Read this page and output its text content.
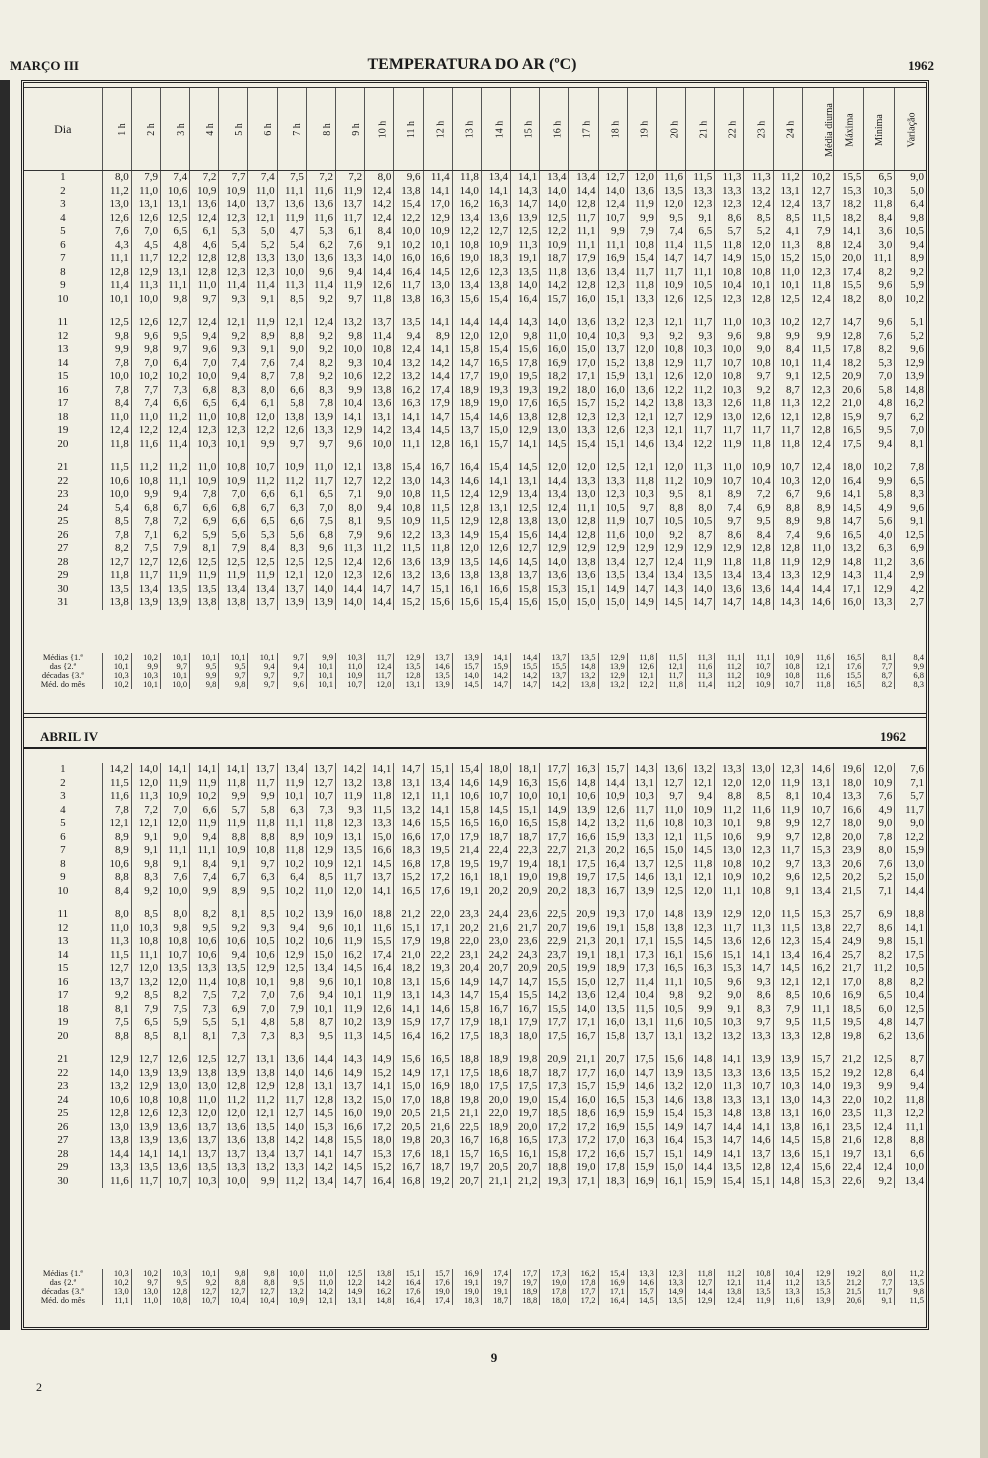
MARÇO III	TEMPERATURA DO AR (ºC)	1962
Dia	1 h	2 h	3 h	4 h	5 h	6 h	7 h	8 h	9 h	10 h	11 h	12 h	13 h	14 h	15 h	16 h	17 h	18 h	19 h	20 h	21 h	22 h	23 h	24 h	Média diurna	Máxima	Mínima	Variação
1	8,0	7,9	7,4	7,2	7,7	7,4	7,5	7,2	7,2	8,0	9,6	11,4	11,8	13,4	14,1	13,4	13,4	12,7	12,0	11,6	11,5	11,3	11,3	11,2	10,2	15,5	6,5	9,0
2	11,2	11,0	10,6	10,9	10,9	11,0	11,1	11,6	11,9	12,4	13,8	14,1	14,0	14,1	14,3	14,0	14,4	14,0	13,6	13,5	13,3	13,3	13,2	13,1	12,7	15,3	10,3	5,0
3	13,0	13,1	13,1	13,6	14,0	13,7	13,6	13,6	13,7	14,2	15,4	17,0	16,2	16,3	14,7	14,0	12,8	12,4	11,9	12,0	12,3	12,3	12,4	12,4	13,7	18,2	11,8	6,4
4	12,6	12,6	12,5	12,4	12,3	12,1	11,9	11,6	11,7	12,4	12,2	12,9	13,4	13,6	13,9	12,5	11,7	10,7	9,9	9,5	9,1	8,6	8,5	8,5	11,5	18,2	8,4	9,8
5	7,6	7,0	6,5	6,1	5,3	5,0	4,7	5,3	6,1	8,4	10,0	10,9	12,2	12,7	12,5	12,2	11,1	9,9	7,9	7,4	6,5	5,7	5,2	4,1	7,9	14,1	3,6	10,5
6	4,3	4,5	4,8	4,6	5,4	5,2	5,4	6,2	7,6	9,1	10,2	10,1	10,8	10,9	11,3	10,9	11,1	11,1	10,8	11,4	11,5	11,8	12,0	11,3	8,8	12,4	3,0	9,4
7	11,1	11,7	12,2	12,8	12,8	13,3	13,0	13,6	13,3	14,0	16,0	16,6	19,0	18,3	19,1	18,7	17,9	16,9	15,4	14,7	14,7	14,9	15,0	15,2	15,0	20,0	11,1	8,9
8	12,8	12,9	13,1	12,8	12,3	12,3	10,0	9,6	9,4	14,4	16,4	14,5	12,6	12,3	13,5	11,8	13,6	13,4	11,7	11,7	11,1	10,8	10,8	11,0	12,3	17,4	8,2	9,2
9	11,4	11,3	11,1	11,0	11,4	11,4	11,3	11,4	11,9	12,6	11,7	13,0	13,4	13,8	14,0	14,2	12,8	12,3	11,8	10,9	10,5	10,4	10,1	10,1	11,8	15,5	9,6	5,9
10	10,1	10,0	9,8	9,7	9,3	9,1	8,5	9,2	9,7	11,8	13,8	16,3	15,6	15,4	16,4	15,7	16,0	15,1	13,3	12,6	12,5	12,3	12,8	12,5	12,4	18,2	8,0	10,2

11	12,5	12,6	12,7	12,4	12,1	11,9	12,1	12,4	13,2	13,7	13,5	14,1	14,4	14,4	14,3	14,0	13,6	13,2	12,3	12,1	11,7	11,0	10,3	10,2	12,7	14,7	9,6	5,1
12	9,8	9,6	9,5	9,4	9,2	8,9	8,8	9,2	9,8	11,4	9,4	8,9	12,0	12,0	9,8	11,0	10,4	10,3	9,3	9,2	9,3	9,6	9,8	9,9	9,9	12,8	7,6	5,2
13	9,9	9,8	9,7	9,6	9,3	9,1	9,0	9,2	10,0	10,8	12,4	14,1	15,8	15,4	15,6	16,0	15,0	13,7	12,0	10,8	10,3	10,0	9,0	8,4	11,5	17,8	8,2	9,6
14	7,8	7,0	6,4	7,0	7,4	7,6	7,4	8,2	9,3	10,4	13,2	14,2	14,7	16,5	17,8	16,9	17,0	15,2	13,8	12,9	11,7	10,7	10,8	10,1	11,4	18,2	5,3	12,9
15	10,0	10,2	10,2	10,0	9,4	8,7	7,8	9,2	10,6	12,2	13,2	14,4	17,7	19,0	19,5	18,2	17,1	15,9	13,1	12,6	12,0	10,8	9,7	9,1	12,5	20,9	7,0	13,9
16	7,8	7,7	7,3	6,8	8,3	8,0	6,6	8,3	9,9	13,8	16,2	17,4	18,9	19,3	19,3	19,2	18,0	16,0	13,6	12,2	11,2	10,3	9,2	8,7	12,3	20,6	5,8	14,8
17	8,4	7,4	6,6	6,5	6,4	6,1	5,8	7,8	10,4	13,6	16,3	17,9	18,9	19,0	17,6	16,5	15,7	15,2	14,2	13,8	13,3	12,6	11,8	11,3	12,2	21,0	4,8	16,2
18	11,0	11,0	11,2	11,0	10,8	12,0	13,8	13,9	14,1	13,1	14,1	14,7	15,4	14,6	13,8	12,8	12,3	12,3	12,1	12,7	12,9	13,0	12,6	12,1	12,8	15,9	9,7	6,2
19	12,4	12,2	12,4	12,3	12,3	12,2	12,6	13,3	12,9	14,2	13,4	14,5	13,7	15,0	12,9	13,0	13,3	12,6	12,3	12,1	11,7	11,7	11,7	11,7	12,8	16,5	9,5	7,0
20	11,8	11,6	11,4	10,3	10,1	9,9	9,7	9,7	9,6	10,0	11,1	12,8	16,1	15,7	14,1	14,5	15,4	15,1	14,6	13,4	12,2	11,9	11,8	11,8	12,4	17,5	9,4	8,1

21	11,5	11,2	11,2	11,0	10,8	10,7	10,9	11,0	12,1	13,8	15,4	16,7	16,4	15,4	14,5	12,0	12,0	12,5	12,1	12,0	11,3	11,0	10,9	10,7	12,4	18,0	10,2	7,8
22	10,6	10,8	11,1	10,9	10,9	11,2	11,2	11,7	12,7	12,2	13,0	14,3	14,6	14,1	13,1	14,4	13,3	13,3	11,8	11,2	10,9	10,7	10,4	10,3	12,0	16,4	9,9	6,5
23	10,0	9,9	9,4	7,8	7,0	6,6	6,1	6,5	7,1	9,0	10,8	11,5	12,4	12,9	13,4	13,4	13,0	12,3	10,3	9,5	8,1	8,9	7,2	6,7	9,6	14,1	5,8	8,3
24	5,4	6,8	6,7	6,6	6,8	6,7	6,3	7,0	8,0	9,4	10,8	11,5	12,8	13,1	12,5	12,4	11,1	10,5	9,7	8,8	8,0	7,4	6,9	8,8	8,9	14,5	4,9	9,6
25	8,5	7,8	7,2	6,9	6,6	6,5	6,6	7,5	8,1	9,5	10,9	11,5	12,9	12,8	13,8	13,0	12,8	11,9	10,7	10,5	10,5	9,7	9,5	8,9	9,8	14,7	5,6	9,1
26	7,8	7,1	6,2	5,9	5,6	5,3	5,6	6,8	7,9	9,6	12,2	13,3	14,9	15,4	15,6	14,4	12,8	11,6	10,0	9,2	8,7	8,6	8,4	7,4	9,6	16,5	4,0	12,5
27	8,2	7,5	7,9	8,1	7,9	8,4	8,3	9,6	11,3	11,2	11,5	11,8	12,0	12,6	12,7	12,9	12,9	12,9	12,9	12,9	12,9	12,9	12,8	12,8	11,0	13,2	6,3	6,9
28	12,7	12,7	12,6	12,5	12,5	12,5	12,5	12,5	12,4	12,6	13,6	13,9	13,5	14,6	14,5	14,0	13,8	13,4	12,7	12,4	11,9	11,8	11,8	11,9	12,9	14,8	11,2	3,6
29	11,8	11,7	11,9	11,9	11,9	11,9	12,1	12,0	12,3	12,6	13,2	13,6	13,8	13,8	13,7	13,6	13,6	13,5	13,4	13,4	13,5	13,4	13,4	13,3	12,9	14,3	11,4	2,9
30	13,5	13,4	13,5	13,5	13,4	13,4	13,7	14,0	14,4	14,7	14,7	15,1	16,1	16,6	15,8	15,3	15,1	14,9	14,7	14,3	14,0	13,6	13,6	14,4	14,4	17,1	12,9	4,2
31	13,8	13,9	13,9	13,8	13,8	13,7	13,9	13,9	14,0	14,4	15,2	15,6	15,6	15,4	15,6	15,0	15,0	15,0	14,9	14,5	14,7	14,7	14,8	14,3	14,6	16,0	13,3	2,7
Médias {1.ª	10,2	10,2	10,1	10,1	10,1	10,1	9,7	9,9	10,3	11,7	12,9	13,7	13,9	14,1	14,4	13,7	13,5	12,9	11,8	11,5	11,3	11,1	11,1	10,9	11,6	16,5	8,1	8,4
das {2.ª	10,1	9,9	9,7	9,5	9,5	9,4	9,4	10,1	11,0	12,4	13,5	14,6	15,7	15,9	15,5	15,5	14,8	13,9	12,6	12,1	11,6	11,2	10,7	10,8	12,1	17,6	7,7	9,9
décadas {3.ª	10,3	10,3	10,1	9,9	9,7	9,7	9,7	10,1	10,9	11,7	12,8	13,5	14,0	14,2	14,2	13,7	13,2	12,9	12,1	11,7	11,3	11,2	10,9	10,8	11,6	15,5	8,7	6,8
Méd. do mês	10,2	10,1	10,0	9,8	9,8	9,7	9,6	10,1	10,7	12,0	13,1	13,9	14,5	14,7	14,7	14,2	13,8	13,2	12,2	11,8	11,4	11,2	10,9	10,7	11,8	16,5	8,2	8,3
ABRIL IV	1962
1	14,2	14,0	14,1	14,1	14,1	13,7	13,4	13,7	14,2	14,1	14,7	15,1	15,4	18,0	18,1	17,7	16,3	15,7	14,3	13,6	13,2	13,3	13,0	12,3	14,6	19,6	12,0	7,6
2	11,5	12,0	11,9	11,9	11,8	11,7	11,9	12,7	13,2	13,8	13,1	13,4	14,6	14,9	16,3	15,6	14,8	14,4	13,1	12,7	12,1	12,0	12,0	11,9	13,1	18,0	10,9	7,1
3	11,6	11,3	10,9	10,2	9,9	9,9	10,1	10,7	11,9	11,8	12,1	11,1	10,6	10,7	10,0	10,1	10,6	10,9	10,3	9,7	9,4	8,8	8,5	8,1	10,4	13,3	7,6	5,7
4	7,8	7,2	7,0	6,6	5,7	5,8	6,3	7,3	9,3	11,5	13,2	14,1	15,8	14,5	15,1	14,9	13,9	12,6	11,7	11,0	10,9	11,2	11,6	11,9	10,7	16,6	4,9	11,7
5	12,1	12,1	12,0	11,9	11,9	11,8	11,1	11,8	12,3	13,3	14,6	15,5	16,5	16,0	16,5	15,8	14,2	13,2	11,6	10,8	10,3	10,1	9,8	9,9	12,7	18,0	9,0	9,0
6	8,9	9,1	9,0	9,4	8,8	8,8	8,9	10,9	13,1	15,0	16,6	17,0	17,9	18,7	18,7	17,7	16,6	15,9	13,3	12,1	11,5	10,6	9,9	9,7	12,8	20,0	7,8	12,2
7	8,9	9,1	11,1	11,1	10,9	10,8	11,8	12,9	13,5	16,6	18,3	19,5	21,4	22,4	22,3	22,7	21,3	20,2	16,5	15,0	14,5	13,0	12,3	11,7	15,3	23,9	8,0	15,9
8	10,6	9,8	9,1	8,4	9,1	9,7	10,2	10,9	12,1	14,5	16,8	17,8	19,5	19,7	19,4	18,1	17,5	16,4	13,7	12,5	11,8	10,8	10,2	9,7	13,3	20,6	7,6	13,0
9	8,8	8,3	7,6	7,4	6,7	6,3	6,4	8,5	11,7	13,7	15,2	17,2	16,1	18,1	19,0	19,8	19,7	17,5	14,6	13,1	12,1	10,9	10,2	9,6	12,5	20,2	5,2	15,0
10	8,4	9,2	10,0	9,9	8,9	9,5	10,2	11,0	12,0	14,1	16,5	17,6	19,1	20,2	20,9	20,2	18,3	16,7	13,9	12,5	12,0	11,1	10,8	9,1	13,4	21,5	7,1	14,4

11	8,0	8,5	8,0	8,2	8,1	8,5	10,2	13,9	16,0	18,8	21,2	22,0	23,3	24,4	23,6	22,5	20,9	19,3	17,0	14,8	13,9	12,9	12,0	11,5	15,3	25,7	6,9	18,8
12	11,0	10,3	9,8	9,5	9,2	9,3	9,4	9,6	10,1	11,6	15,1	17,1	20,2	21,6	21,7	20,7	19,6	19,1	15,8	13,8	12,3	11,7	11,3	11,5	13,8	22,7	8,6	14,1
13	11,3	10,8	10,8	10,6	10,6	10,5	10,2	10,6	11,9	15,5	17,9	19,8	22,0	23,0	23,6	22,9	21,3	20,1	17,1	15,5	14,5	13,6	12,6	12,3	15,4	24,9	9,8	15,1
14	11,5	11,1	10,7	10,6	9,4	10,6	12,9	15,0	16,2	17,4	21,0	22,2	23,1	24,2	24,3	23,7	19,1	18,1	17,3	16,1	15,6	15,1	14,1	13,4	16,4	25,7	8,2	17,5
15	12,7	12,0	13,5	13,3	13,5	12,9	12,5	13,4	14,5	16,4	18,2	19,3	20,4	20,7	20,9	20,5	19,9	18,9	17,3	16,5	16,3	15,3	14,7	14,5	16,2	21,7	11,2	10,5
16	13,7	13,2	12,0	11,4	10,8	10,1	9,8	9,6	10,1	10,8	13,1	15,6	14,9	14,7	14,7	15,5	15,0	12,7	11,4	11,1	10,5	9,6	9,3	12,1	12,1	17,0	8,8	8,2
17	9,2	8,5	8,2	7,5	7,2	7,0	7,6	9,4	10,1	11,9	13,1	14,3	14,7	15,4	15,5	14,2	13,6	12,4	10,4	9,8	9,2	9,0	8,6	8,5	10,6	16,9	6,5	10,4
18	8,1	7,9	7,5	7,3	6,9	7,0	7,9	10,1	11,9	12,6	14,1	14,6	15,8	16,7	16,7	15,5	14,0	13,5	11,5	10,5	9,9	9,1	8,3	7,9	11,1	18,5	6,0	12,5
19	7,5	6,5	5,9	5,5	5,1	4,8	5,8	8,7	10,2	13,9	15,9	17,7	17,9	18,1	17,9	17,7	17,1	16,0	13,1	11,6	10,5	10,3	9,7	9,5	11,5	19,5	4,8	14,7
20	8,8	8,5	8,1	8,1	7,3	7,3	8,3	9,5	11,3	14,5	16,4	16,2	17,5	18,3	18,0	17,5	16,7	15,8	13,7	13,1	13,2	13,2	13,3	13,3	12,8	19,8	6,2	13,6

21	12,9	12,7	12,6	12,5	12,7	13,1	13,6	14,4	14,3	14,9	15,6	16,5	18,8	18,9	19,8	20,9	21,1	20,7	17,5	15,6	14,8	14,1	13,9	13,9	15,7	21,2	12,5	8,7
22	14,0	13,9	13,9	13,8	13,9	13,8	14,0	14,6	14,9	15,2	14,9	17,1	17,5	18,6	18,7	18,7	17,7	16,0	14,7	13,9	13,5	13,3	13,6	13,5	15,2	19,2	12,8	6,4
23	13,2	12,9	13,0	13,0	12,8	12,9	12,8	13,1	13,7	14,1	15,0	16,9	18,0	17,5	17,5	17,3	15,7	15,9	14,6	13,2	12,0	11,3	10,7	10,3	14,0	19,3	9,9	9,4
24	10,6	10,8	10,8	11,0	11,2	11,2	11,7	12,8	13,2	15,0	17,0	18,8	19,8	20,0	19,0	15,4	16,0	16,5	15,3	14,6	13,8	13,3	13,1	13,0	14,3	22,0	10,2	11,8
25	12,8	12,6	12,3	12,0	12,0	12,1	12,7	14,5	16,0	19,0	20,5	21,5	21,1	22,0	19,7	18,5	18,6	16,9	15,9	15,4	15,3	14,8	13,8	13,1	16,0	23,5	11,3	12,2
26	13,0	13,9	13,6	13,7	13,6	13,5	14,0	15,3	16,6	17,2	20,5	21,6	22,5	18,9	20,0	17,2	17,2	16,9	15,5	14,9	14,7	14,4	14,1	13,8	16,1	23,5	12,4	11,1
27	13,8	13,9	13,6	13,7	13,6	13,8	14,2	14,8	15,5	18,0	19,8	20,3	16,7	16,8	16,5	17,3	17,2	17,0	16,3	16,4	15,3	14,7	14,6	14,5	15,8	21,6	12,8	8,8
28	14,4	14,1	14,1	13,7	13,7	13,4	13,7	14,1	14,7	15,3	17,6	18,1	15,7	16,5	16,1	15,8	17,2	16,6	15,7	15,1	14,9	14,1	13,7	13,6	15,1	19,7	13,1	6,6
29	13,3	13,5	13,6	13,5	13,3	13,2	13,3	14,2	14,5	15,2	16,7	18,7	19,7	20,5	20,7	18,8	19,0	17,8	15,9	15,0	14,4	13,5	12,8	12,4	15,6	22,4	12,4	10,0
30	11,6	11,7	10,7	10,3	10,0	9,9	11,2	13,4	14,7	16,4	16,8	19,2	20,7	21,1	21,2	19,3	17,1	18,3	16,9	16,1	15,9	15,4	15,1	14,8	15,3	22,6	9,2	13,4
Médias {1.ª	10,3	10,2	10,3	10,1	9,8	9,8	10,0	11,0	12,5	13,8	15,1	15,7	16,9	17,4	17,7	17,3	16,2	15,4	13,3	12,3	11,8	11,2	10,8	10,4	12,9	19,2	8,0	11,2
das {2.ª	10,2	9,7	9,5	9,2	8,8	8,8	9,5	11,0	12,2	14,2	16,4	17,6	19,1	19,7	19,7	19,0	17,8	16,9	14,6	13,3	12,7	12,1	11,4	11,2	13,5	21,2	7,7	13,5
décadas {3.ª	13,0	13,0	12,8	12,7	12,7	12,7	13,2	14,2	14,9	16,2	17,6	19,0	19,0	19,1	18,9	17,8	17,7	17,1	15,7	14,9	14,4	13,8	13,5	13,3	15,3	21,5	11,7	9,8
Méd. do mês	11,1	11,0	10,8	10,7	10,4	10,4	10,9	12,1	13,1	14,8	16,4	17,4	18,3	18,7	18,8	18,0	17,2	16,4	14,5	13,5	12,9	12,4	11,9	11,6	13,9	20,6	9,1	11,5
9
2
